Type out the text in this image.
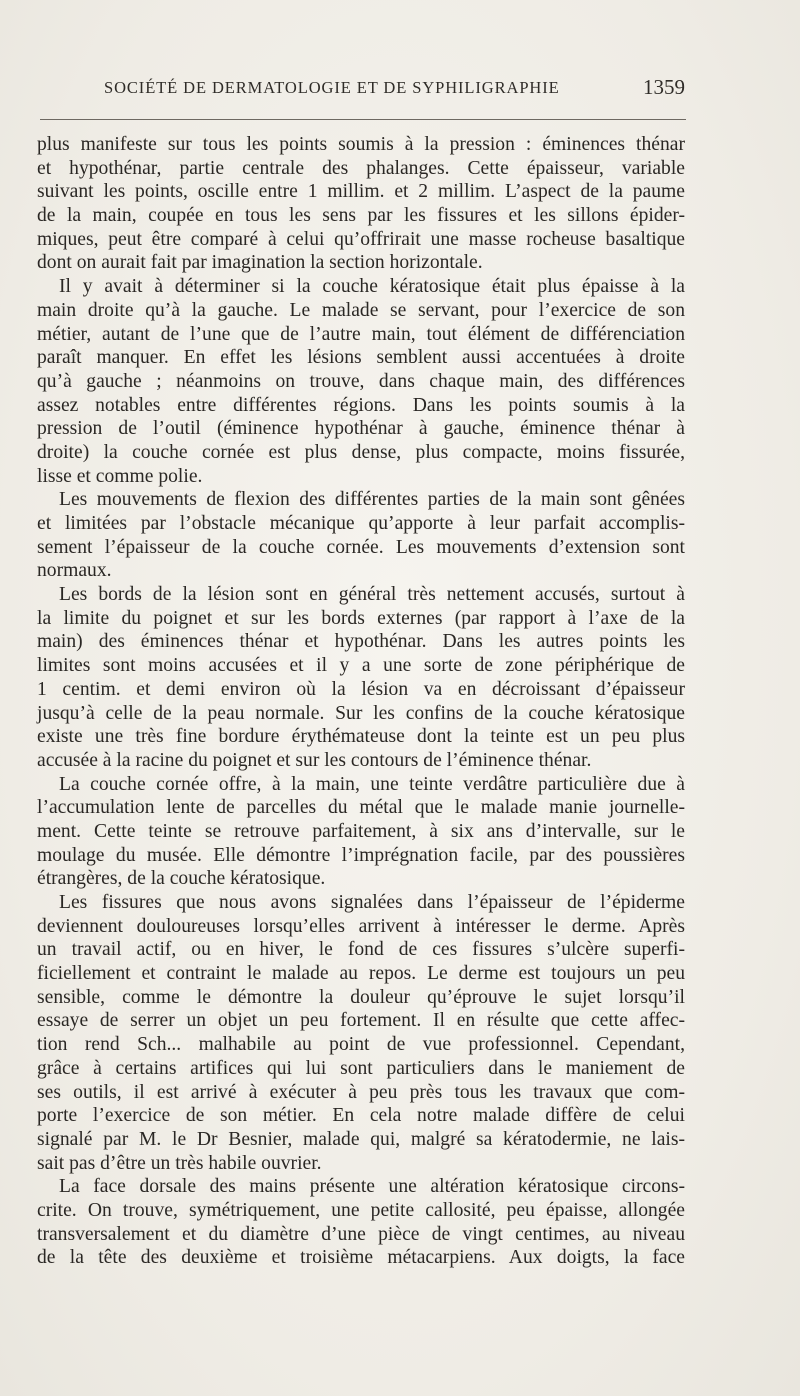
SOCIÉTÉ DE DERMATOLOGIE ET DE SYPHILIGRAPHIE	1359
plus manifeste sur tous les points soumis à la pression : éminences thénar
et hypothénar, partie centrale des phalanges. Cette épaisseur, variable
suivant les points, oscille entre 1 millim. et 2 millim. L’aspect de la paume
de la main, coupée en tous les sens par les fissures et les sillons épider-
miques, peut être comparé à celui qu’offrirait une masse rocheuse basaltique
dont on aurait fait par imagination la section horizontale.
Il y avait à déterminer si la couche kératosique était plus épaisse à la
main droite qu’à la gauche. Le malade se servant, pour l’exercice de son
métier, autant de l’une que de l’autre main, tout élément de différenciation
paraît manquer. En effet les lésions semblent aussi accentuées à droite
qu’à gauche ; néanmoins on trouve, dans chaque main, des différences
assez notables entre différentes régions. Dans les points soumis à la
pression de l’outil (éminence hypothénar à gauche, éminence thénar à
droite) la couche cornée est plus dense, plus compacte, moins fissurée,
lisse et comme polie.
Les mouvements de flexion des différentes parties de la main sont gênées
et limitées par l’obstacle mécanique qu’apporte à leur parfait accomplis-
sement l’épaisseur de la couche cornée. Les mouvements d’extension sont
normaux.
Les bords de la lésion sont en général très nettement accusés, surtout à
la limite du poignet et sur les bords externes (par rapport à l’axe de la
main) des éminences thénar et hypothénar. Dans les autres points les
limites sont moins accusées et il y a une sorte de zone périphérique de
1 centim. et demi environ où la lésion va en décroissant d’épaisseur
jusqu’à celle de la peau normale. Sur les confins de la couche kératosique
existe une très fine bordure érythémateuse dont la teinte est un peu plus
accusée à la racine du poignet et sur les contours de l’éminence thénar.
La couche cornée offre, à la main, une teinte verdâtre particulière due à
l’accumulation lente de parcelles du métal que le malade manie journelle-
ment. Cette teinte se retrouve parfaitement, à six ans d’intervalle, sur le
moulage du musée. Elle démontre l’imprégnation facile, par des poussières
étrangères, de la couche kératosique.
Les fissures que nous avons signalées dans l’épaisseur de l’épiderme
deviennent douloureuses lorsqu’elles arrivent à intéresser le derme. Après
un travail actif, ou en hiver, le fond de ces fissures s’ulcère superfi-
ficiellement et contraint le malade au repos. Le derme est toujours un peu
sensible, comme le démontre la douleur qu’éprouve le sujet lorsqu’il
essaye de serrer un objet un peu fortement. Il en résulte que cette affec-
tion rend Sch... malhabile au point de vue professionnel. Cependant,
grâce à certains artifices qui lui sont particuliers dans le maniement de
ses outils, il est arrivé à exécuter à peu près tous les travaux que com-
porte l’exercice de son métier. En cela notre malade diffère de celui
signalé par M. le Dr Besnier, malade qui, malgré sa kératodermie, ne lais-
sait pas d’être un très habile ouvrier.
La face dorsale des mains présente une altération kératosique circons-
crite. On trouve, symétriquement, une petite callosité, peu épaisse, allongée
transversalement et du diamètre d’une pièce de vingt centimes, au niveau
de la tête des deuxième et troisième métacarpiens. Aux doigts, la face
